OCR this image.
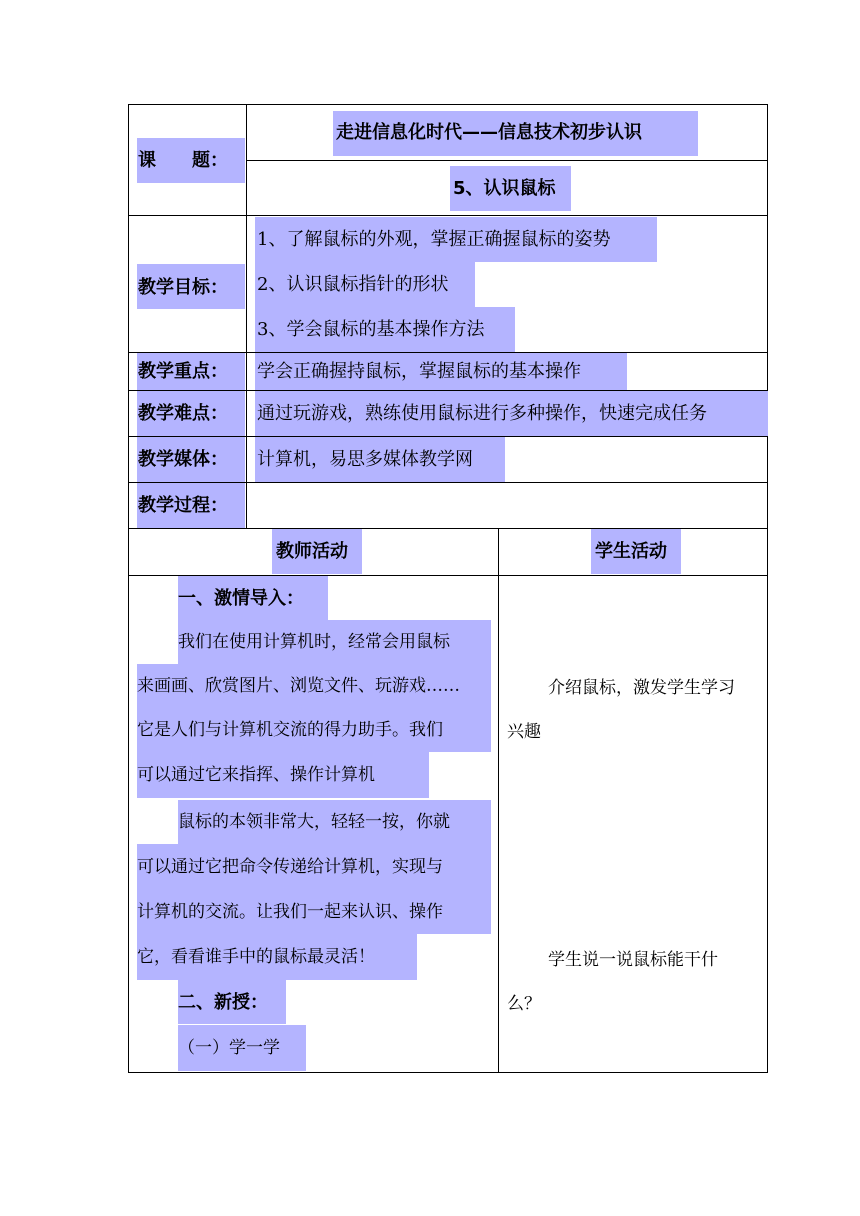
课　　题：
走进信息化时代——信息技术初步认识
5、认识鼠标
教学目标：
1、了解鼠标的外观，掌握正确握鼠标的姿势
2、认识鼠标指针的形状
3、学会鼠标的基本操作方法
教学重点： 学会正确握持鼠标，掌握鼠标的基本操作
教学难点： 通过玩游戏，熟练使用鼠标进行多种操作，快速完成任务
教学媒体： 计算机，易思多媒体教学网
教学过程：
教师活动	学生活动
一、激情导入：
我们在使用计算机时，经常会用鼠标
来画画、欣赏图片、浏览文件、玩游戏……
它是人们与计算机交流的得力助手。我们
可以通过它来指挥、操作计算机
鼠标的本领非常大，轻轻一按，你就
可以通过它把命令传递给计算机，实现与
计算机的交流。让我们一起来认识、操作
它，看看谁手中的鼠标最灵活！
二、新授：
（一）学一学
介绍鼠标，激发学生学习
兴趣
学生说一说鼠标能干什
么？
